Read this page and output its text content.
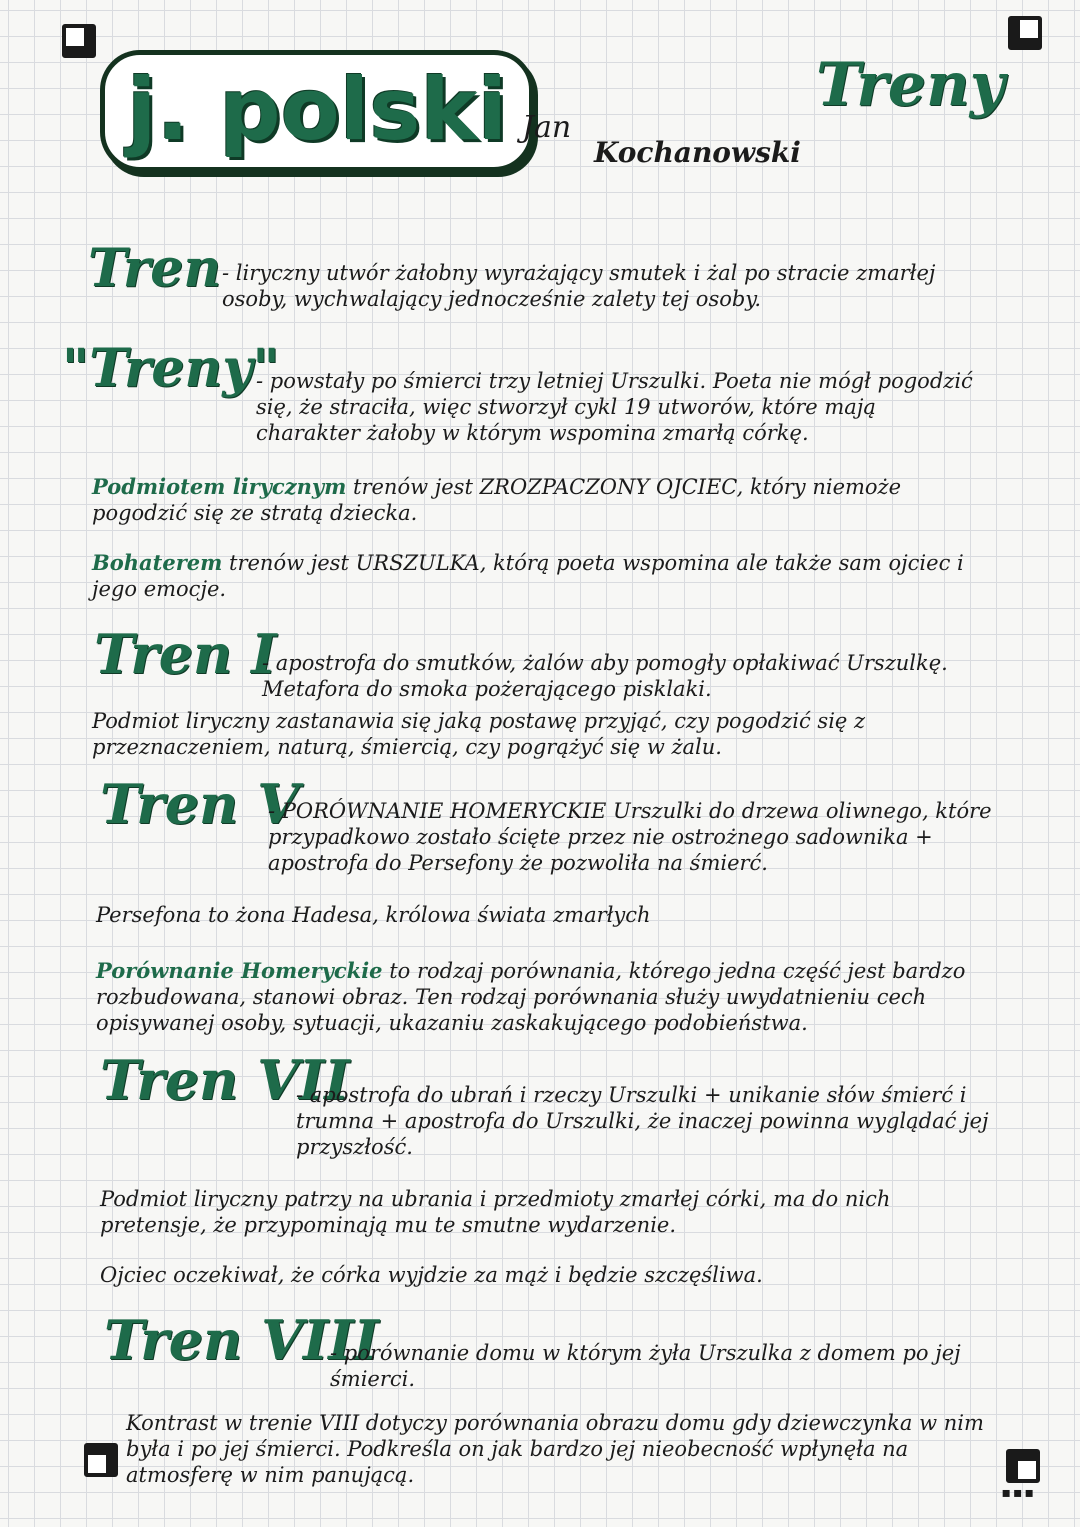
▪▪▪
j. polski Jan
Kochanowski
Treny
Tren - liryczny utwór żałobny wyrażający smutek i żal po stracie zmarłej osoby, wychwalający jednocześnie zalety tej osoby.
"Treny"
- powstały po śmierci trzy letniej Urszulki. Poeta nie mógł pogodzić się, że straciła, więc stworzył cykl 19 utworów, które mają charakter żałoby w którym wspomina zmarłą córkę.
Podmiotem lirycznym trenów jest ZROZPACZONY OJCIEC, który niemoże pogodzić się ze stratą dziecka.
Bohaterem trenów jest URSZULKA, którą poeta wspomina ale także sam ojciec i jego emocje.
Tren I
- apostrofa do smutków, żalów aby pomogły opłakiwać Urszulkę. Metafora do smoka pożerającego pisklaki.
Podmiot liryczny zastanawia się jaką postawę przyjąć, czy pogodzić się z przeznaczeniem, naturą, śmiercią, czy pogrążyć się w żalu.
Tren V
- PORÓWNANIE HOMERYCKIE Urszulki do drzewa oliwnego, które przypadkowo zostało ścięte przez nie ostrożnego sadownika + apostrofa do Persefony że pozwoliła na śmierć.
Persefona to żona Hadesa, królowa świata zmarłych
Porównanie Homeryckie to rodzaj porównania, którego jedna część jest bardzo rozbudowana, stanowi obraz. Ten rodzaj porównania służy uwydatnieniu cech opisywanej osoby, sytuacji, ukazaniu zaskakującego podobieństwa.
Tren VII
- apostrofa do ubrań i rzeczy Urszulki + unikanie słów śmierć i trumna + apostrofa do Urszulki, że inaczej powinna wyglądać jej przyszłość.
Podmiot liryczny patrzy na ubrania i przedmioty zmarłej córki, ma do nich pretensje, że przypominają mu te smutne wydarzenie.
Ojciec oczekiwał, że córka wyjdzie za mąż i będzie szczęśliwa.
Tren VIII
- porównanie domu w którym żyła Urszulka z domem po jej śmierci.
Kontrast w trenie VIII dotyczy porównania obrazu domu gdy dziewczynka w nim była i po jej śmierci. Podkreśla on jak bardzo jej nieobecność wpłynęła na atmosferę w nim panującą.
